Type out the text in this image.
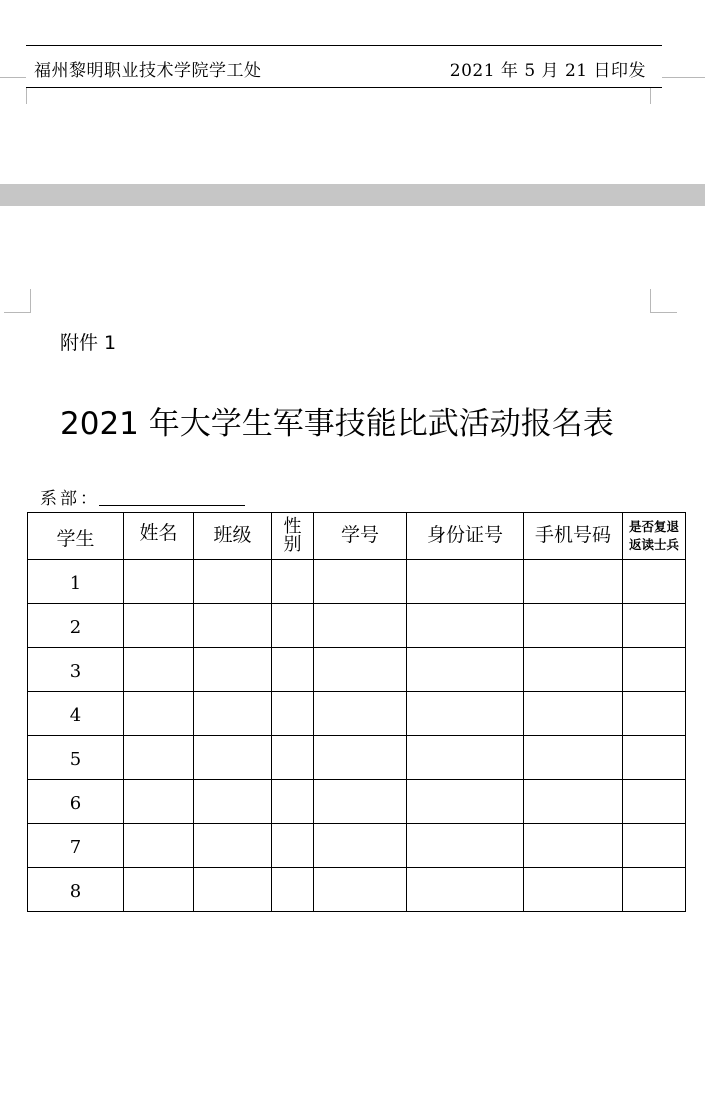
福州黎明职业技术学院学工处	2021 年 5 月 21 日印发
附件 1
2021 年大学生军事技能比武活动报名表
系部：
学生	姓名	班级	性别	学号	身份证号	手机号码	是否复退返读士兵
1							
2							
3							
4							
5							
6							
7							
8							
